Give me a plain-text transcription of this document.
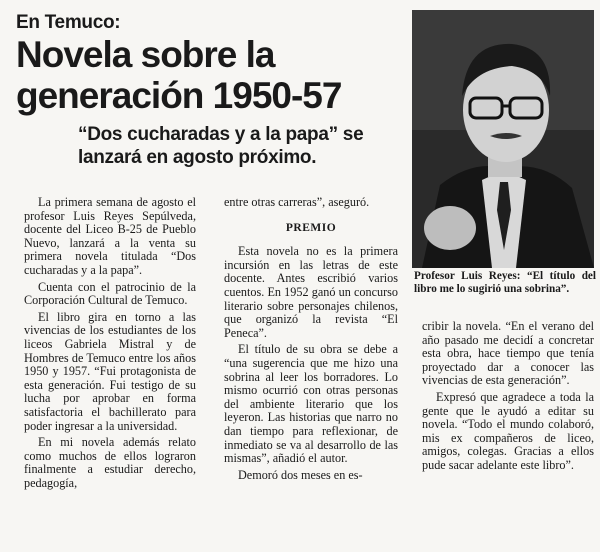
En Temuco:
Novela sobre la generación 1950-57
“Dos cucharadas y a la papa” se lanzará en agosto próximo.
Profesor Luis Reyes: “El título del libro me lo sugirió una sobrina”.

La primera semana de agosto el profesor Luis Reyes Sepúlveda, docente del Liceo B-25 de Pueblo Nuevo, lanzará a la venta su primera novela titulada “Dos cucharadas y a la papa”.

Cuenta con el patrocinio de la Corporación Cultural de Temuco.

El libro gira en torno a las vivencias de los estudiantes de los liceos Gabriela Mistral y de Hombres de Temuco entre los años 1950 y 1957. “Fui protagonista de esta generación. Fui testigo de su lucha por aprobar en forma satisfactoria el bachillerato para poder ingresar a la universidad.

En mi novela además relato como muchos de ellos lograron finalmente a estudiar derecho, pedagogía,

entre otras carreras”, aseguró.

PREMIO

Esta novela no es la primera incursión en las letras de este docente. Antes escribió varios cuentos. En 1952 ganó un concurso literario sobre personajes chilenos, que organizó la revista “El Peneca”.

El título de su obra se debe a “una sugerencia que me hizo una sobrina al leer los borradores. Lo mismo ocurrió con otras personas del ambiente literario que los leyeron. Las historias que narro no dan tiempo para reflexionar, de inmediato se va al desarrollo de las mismas”, añadió el autor.

Demoró dos meses en es-

cribir la novela. “En el verano del año pasado me decidí a concretar esta obra, hace tiempo que tenía proyectado dar a conocer las vivencias de esta generación”.

Expresó que agradece a toda la gente que le ayudó a editar su novela. “Todo el mundo colaboró, mis ex compañeros de liceo, amigos, colegas. Gracias a ellos pude sacar adelante este libro”.
